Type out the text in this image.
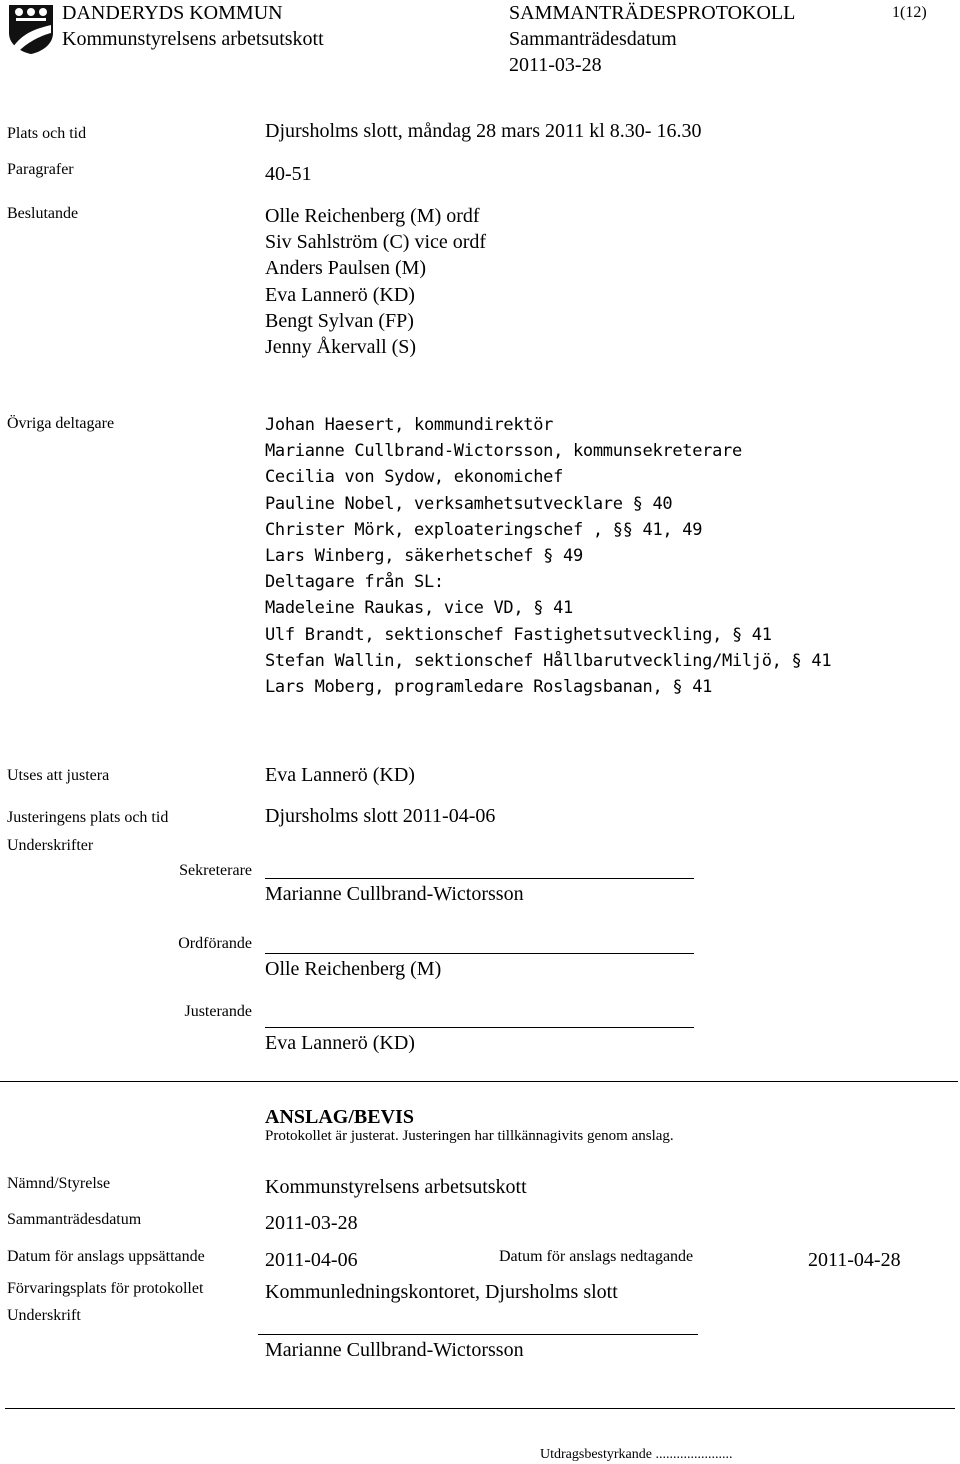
DANDERYDS KOMMUN
Kommunstyrelsens arbetsutskott
SAMMANTRÄDESPROTOKOLL
Sammanträdesdatum
2011-03-28
1(12)
Plats och tid	Djursholms slott, måndag 28 mars 2011 kl 8.30- 16.30
Paragrafer	40-51
Beslutande	Olle Reichenberg (M) ordf
Siv Sahlström (C) vice ordf
Anders Paulsen (M)
Eva Lannerö (KD)
Bengt Sylvan (FP)
Jenny Åkervall (S)
Övriga deltagare	Johan Haesert, kommundirektör
Marianne Cullbrand-Wictorsson, kommunsekreterare
Cecilia von Sydow, ekonomichef
Pauline Nobel, verksamhetsutvecklare § 40
Christer Mörk, exploateringschef , §§ 41, 49
Lars Winberg, säkerhetschef § 49
Deltagare från SL:
Madeleine Raukas, vice VD, § 41
Ulf Brandt, sektionschef Fastighetsutveckling, § 41
Stefan Wallin, sektionschef Hållbarutveckling/Miljö, § 41
Lars Moberg, programledare Roslagsbanan, § 41
Utses att justera	Eva Lannerö (KD)
Justeringens plats och tid	Djursholms slott 2011-04-06
Underskrifter
Sekreterare
Marianne Cullbrand-Wictorsson
Ordförande
Olle Reichenberg (M)
Justerande
Eva Lannerö (KD)
ANSLAG/BEVIS
Protokollet är justerat. Justeringen har tillkännagivits genom anslag.
Nämnd/Styrelse	Kommunstyrelsens arbetsutskott
Sammanträdesdatum	2011-03-28
Datum för anslags uppsättande	2011-04-06	Datum för anslags nedtagande	2011-04-28
Förvaringsplats för protokollet	Kommunledningskontoret, Djursholms slott
Underskrift
Marianne Cullbrand-Wictorsson
Utdragsbestyrkande ......................
